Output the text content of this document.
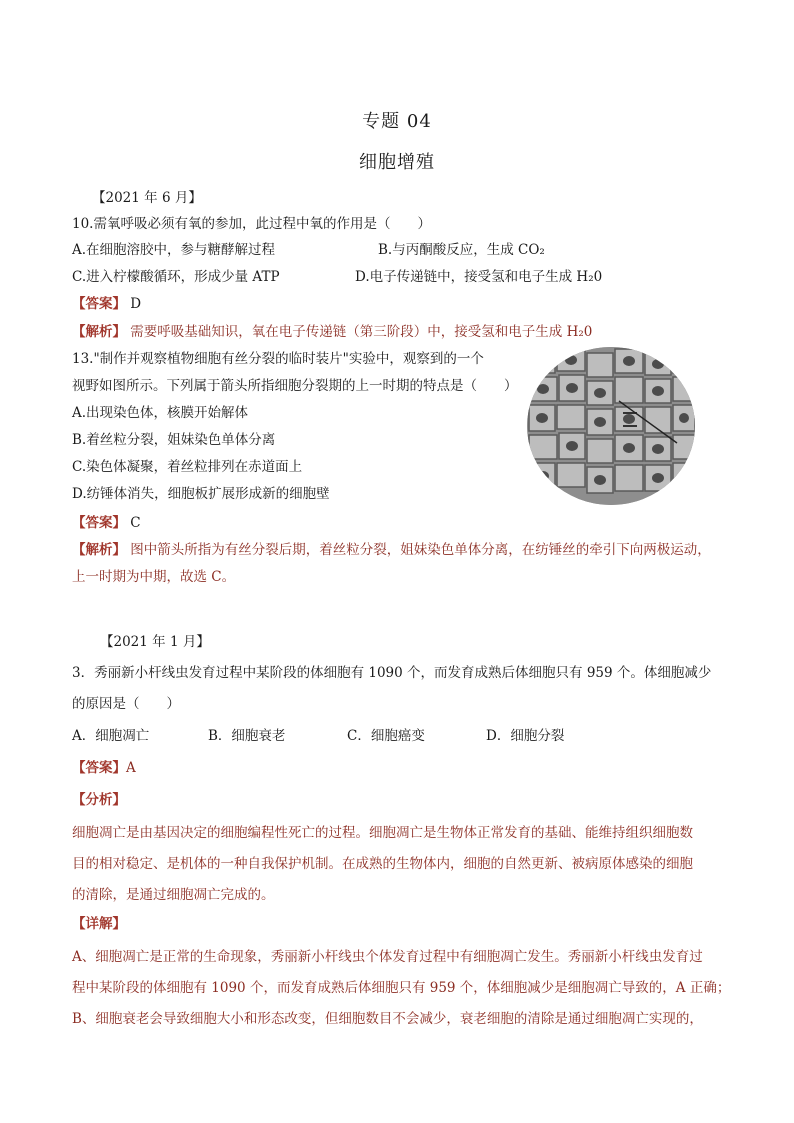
专题 04
细胞增殖
【2021 年 6 月】
10.需氧呼吸必须有氧的参加，此过程中氧的作用是（　　）
A.在细胞溶胶中，参与糖酵解过程	B.与丙酮酸反应，生成 CO₂
C.进入柠檬酸循环，形成少量 ATP	D.电子传递链中，接受氢和电子生成 H₂0
【答案】 D
【解析】 需要呼吸基础知识，氧在电子传递链（第三阶段）中，接受氢和电子生成 H₂0
13."制作并观察植物细胞有丝分裂的临时装片"实验中，观察到的一个
视野如图所示。下列属于箭头所指细胞分裂期的上一时期的特点是（　　）
A.出现染色体，核膜开始解体
B.着丝粒分裂，姐妹染色单体分离
C.染色体凝聚，着丝粒排列在赤道面上
D.纺锤体消失，细胞板扩展形成新的细胞壁
【答案】 C
【解析】 图中箭头所指为有丝分裂后期，着丝粒分裂，姐妹染色单体分离，在纺锤丝的牵引下向两极运动，
上一时期为中期，故选 C。
【2021 年 1 月】
3．秀丽新小杆线虫发育过程中某阶段的体细胞有 1090 个，而发育成熟后体细胞只有 959 个。体细胞减少
的原因是（　　）
A．细胞凋亡	B．细胞衰老	C．细胞癌变	D．细胞分裂
【答案】A
【分析】
细胞凋亡是由基因决定的细胞编程性死亡的过程。细胞凋亡是生物体正常发育的基础、能维持组织细胞数
目的相对稳定、是机体的一种自我保护机制。在成熟的生物体内，细胞的自然更新、被病原体感染的细胞
的清除，是通过细胞凋亡完成的。
【详解】
A、细胞凋亡是正常的生命现象，秀丽新小杆线虫个体发育过程中有细胞凋亡发生。秀丽新小杆线虫发育过
程中某阶段的体细胞有 1090 个，而发育成熟后体细胞只有 959 个，体细胞减少是细胞凋亡导致的，A 正确；
B、细胞衰老会导致细胞大小和形态改变，但细胞数目不会减少，衰老细胞的清除是通过细胞凋亡实现的，
